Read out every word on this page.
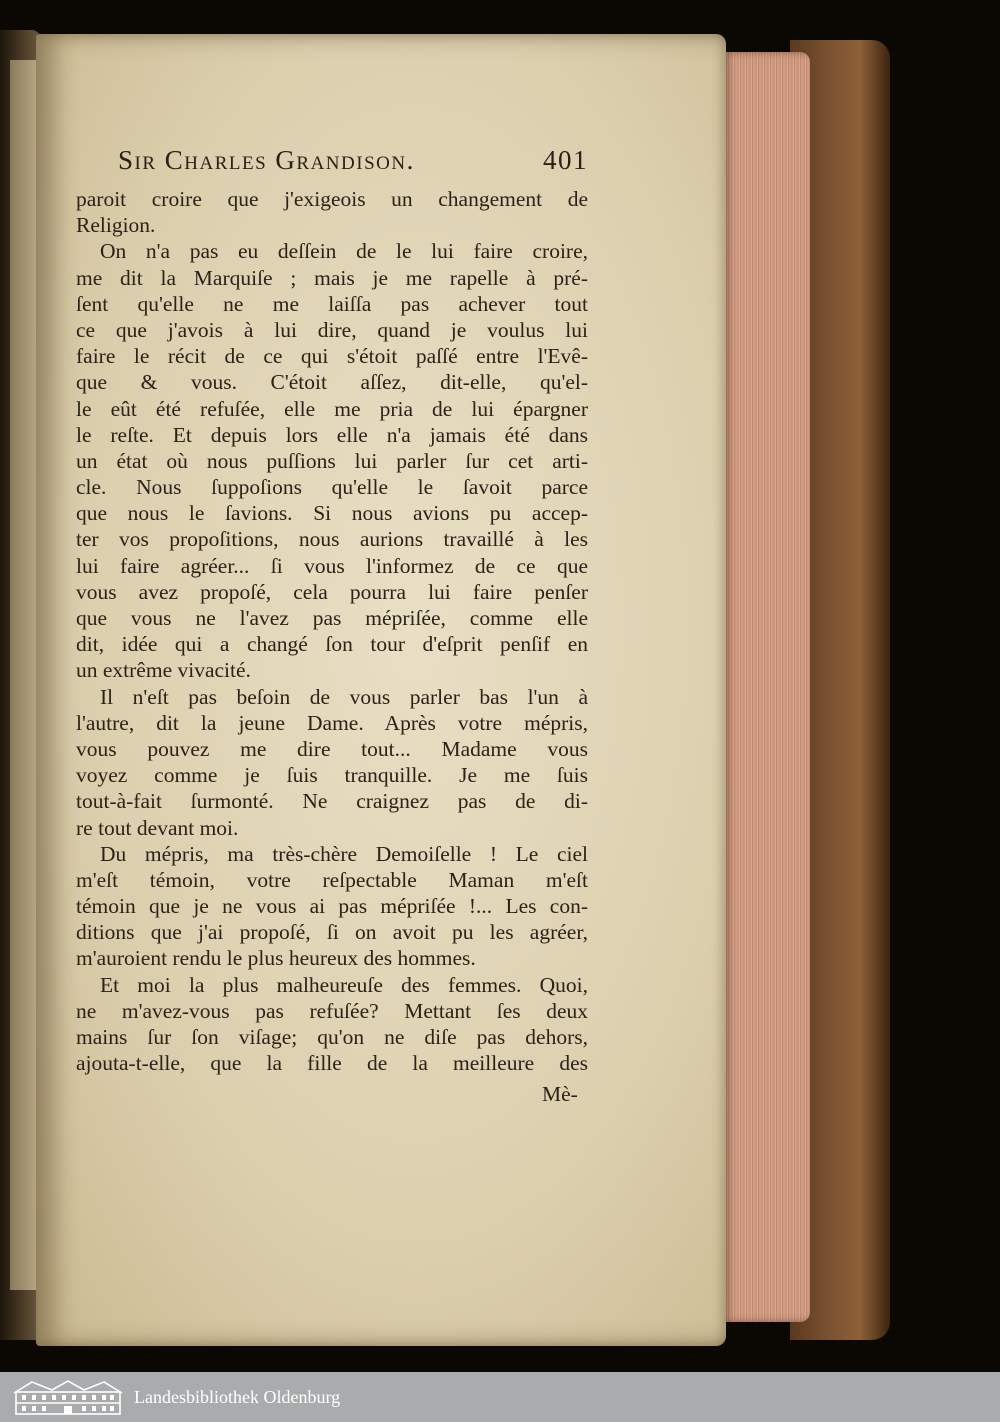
Sir Charles Grandison.	401
paroit croire que j'exigeois un changement de
Religion.
On n'a pas eu deſſein de le lui faire croire,
me dit la Marquiſe ; mais je me rapelle à pré-
ſent qu'elle ne me laiſſa pas achever tout
ce que j'avois à lui dire, quand je voulus lui
faire le récit de ce qui s'étoit paſſé entre l'Evê-
que & vous. C'étoit aſſez, dit-elle, qu'el-
le eût été refuſée, elle me pria de lui épargner
le reſte. Et depuis lors elle n'a jamais été dans
un état où nous puſſions lui parler ſur cet arti-
cle. Nous ſuppoſions qu'elle le ſavoit parce
que nous le ſavions. Si nous avions pu accep-
ter vos propoſitions, nous aurions travaillé à les
lui faire agréer... ſi vous l'informez de ce que
vous avez propoſé, cela pourra lui faire penſer
que vous ne l'avez pas mépriſée, comme elle
dit, idée qui a changé ſon tour d'eſprit penſif en
un extrême vivacité.
Il n'eſt pas beſoin de vous parler bas l'un à
l'autre, dit la jeune Dame. Après votre mépris,
vous pouvez me dire tout... Madame vous
voyez comme je ſuis tranquille. Je me ſuis
tout-à-fait ſurmonté. Ne craignez pas de di-
re tout devant moi.
Du mépris, ma très-chère Demoiſelle ! Le ciel
m'eſt témoin, votre reſpectable Maman m'eſt
témoin que je ne vous ai pas mépriſée !... Les con-
ditions que j'ai propoſé, ſi on avoit pu les agréer,
m'auroient rendu le plus heureux des hommes.
Et moi la plus malheureuſe des femmes. Quoi,
ne m'avez-vous pas refuſée? Mettant ſes deux
mains ſur ſon viſage; qu'on ne diſe pas dehors,
ajouta-t-elle, que la fille de la meilleure des
Mè-
Landesbibliothek Oldenburg
